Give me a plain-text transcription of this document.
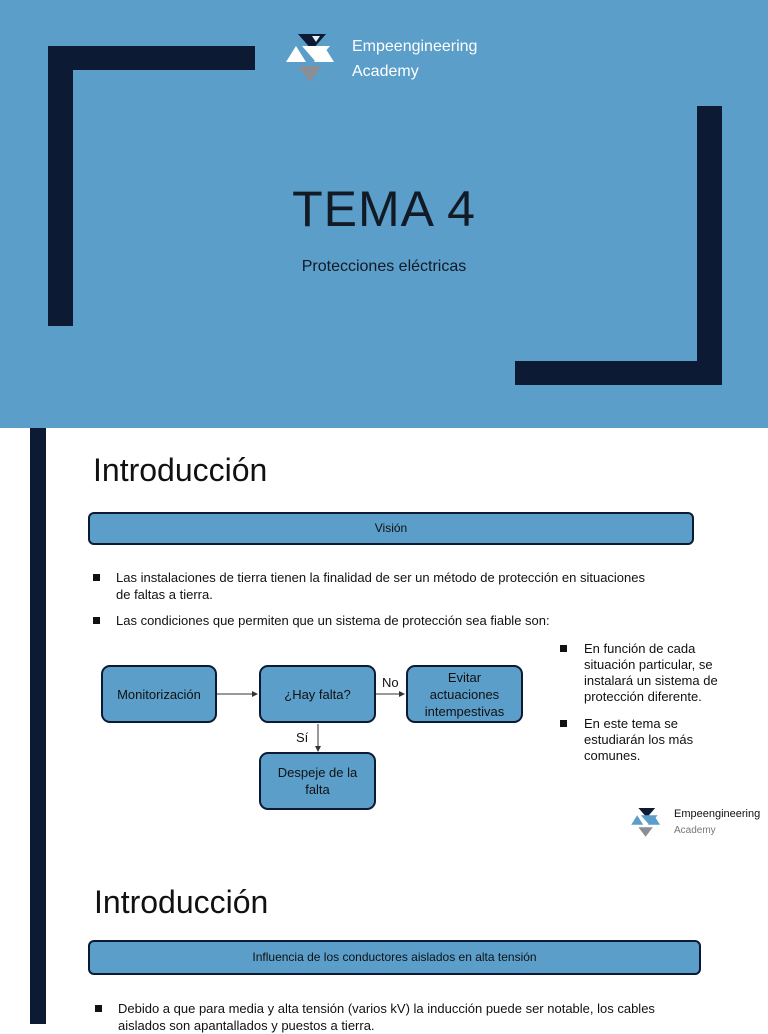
Empeengineering
Academy
TEMA 4
Protecciones eléctricas
Introducción
Visión
Las instalaciones de tierra tienen la finalidad de ser un método de protección en situaciones de faltas a tierra.
Las condiciones que permiten que un sistema de protección sea fiable son:
Monitorización	¿Hay falta?
Evitar actuaciones intempestivas
Despeje de la falta
No
Sí
En función de cada situación particular, se instalará un sistema de protección diferente.
En este tema se estudiarán los más comunes.
Empeengineering
Academy
Introducción
Influencia de los conductores aislados en alta tensión
Debido a que para media y alta tensión (varios kV) la inducción puede ser notable, los cables aislados son apantallados y puestos a tierra.
